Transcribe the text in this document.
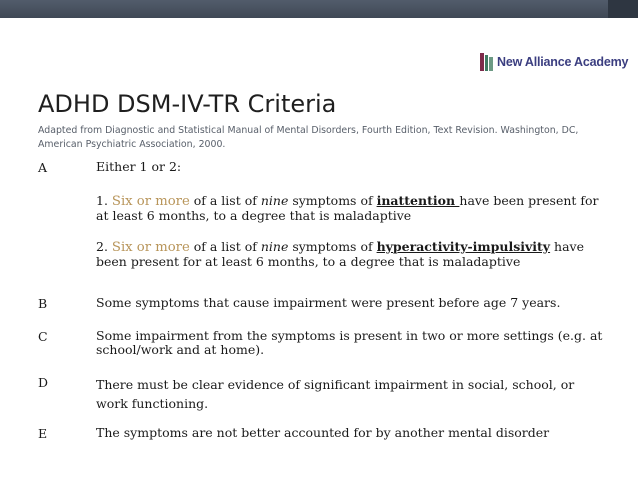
New Alliance Academy
ADHD DSM-IV-TR Criteria

Adapted from Diagnostic and Statistical Manual of Mental Disorders, Fourth Edition, Text Revision. Washington, DC, American Psychiatric Association, 2000.

A	Either 1 or 2:

1. Six or more of a list of nine symptoms of inattention have been present for at least 6 months, to a degree that is maladaptive

2. Six or more of a list of nine symptoms of hyperactivity-impulsivity have been present for at least 6 months, to a degree that is maladaptive

B	Some symptoms that cause impairment were present before age 7 years.

C	Some impairment from the symptoms is present in two or more settings (e.g. at school/work and at home).

D	There must be clear evidence of significant impairment in social, school, or work functioning.

E	The symptoms are not better accounted for by another mental disorder
